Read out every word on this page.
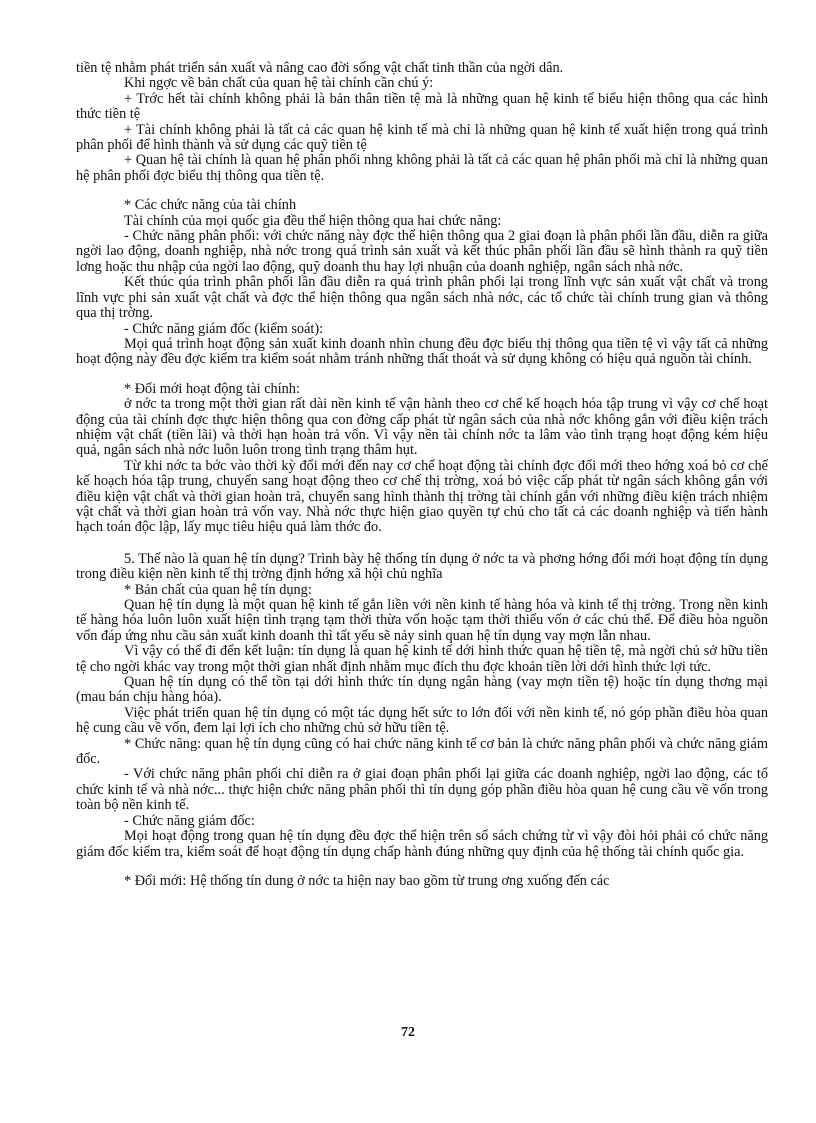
tiền tệ nhằm phát triển sản xuất và nâng cao đời sống vật chất tinh thần của ngời dân.

Khi ngợc về bản chất của quan hệ tài chính cần chú ý:

+ Trớc hết tài chính không phải là bản thân tiền tệ mà là những quan hệ kinh tế biểu hiện thông qua các hình thức tiền tệ

+ Tài chính không phải là tất cả các quan hệ kinh tế mà chỉ là những quan hệ kinh tế xuất hiện trong quá trình phân phối để hình thành và sử dụng các quỹ tiền tệ

+ Quan hệ tài chính là quan hệ phân phối nhng không phải là tất cả các quan hệ phân phối mà chỉ là những quan hệ phân phối đợc biểu thị thông qua tiền tệ.

* Các chức năng của tài chính

Tài chính của mọi quốc gia đều thể hiện thông qua hai chức năng:

- Chức năng phân phối: với chức năng này đợc thể hiện thông qua 2 giai đoạn là phân phối lần đầu, diễn ra giữa ngời lao động, doanh nghiệp, nhà nớc trong quá trình sản xuất và kết thúc phân phối lần đầu sẽ hình thành ra quỹ tiền lơng hoặc thu nhập của ngời lao động, quỹ doanh thu hay lợi nhuận của doanh nghiệp, ngân sách nhà nớc.

Kết thúc qúa trình phân phối lần đầu diễn ra quá trình phân phối lại trong lĩnh vực sản xuất vật chất và trong lĩnh vực phi sản xuất vật chất và đợc thể hiện thông qua ngân sách nhà nớc, các tổ chức tài chính trung gian và thông qua thị trờng.

- Chức năng giám đốc (kiểm soát):

Mọi quá trình hoạt động sản xuất kinh doanh nhìn chung đều đợc biểu thị thông qua tiền tệ vì vậy tất cả những hoạt động này đều đợc kiểm tra kiểm soát nhằm tránh những thất thoát và sử dụng không có hiệu quả nguồn tài chính.

* Đổi mới hoạt động tài chính:

ở nớc ta trong một thời gian rất dài nền kinh tế vận hành theo cơ chế kế hoạch hóa tập trung vì vậy cơ chế hoạt động của tài chính đợc thực hiện thông qua con đờng cấp phát từ ngân sách của nhà nớc không gắn với điều kiện trách nhiệm vật chất (tiền lãi) và thời hạn hoàn trả vốn. Vì vậy nền tài chính nớc ta lâm vào tình trạng hoạt động kém hiệu quả, ngân sách nhà nớc luôn luôn trong tình trạng thâm hụt.

Từ khi nớc ta bớc vào thời kỳ đổi mới đến nay cơ chế hoạt động tài chính đợc đổi mới theo hớng xoá bỏ cơ chế kế hoạch hóa tập trung, chuyển sang hoạt động theo cơ chế thị trờng, xoá bỏ việc cấp phát từ ngân sách không gắn với điều kiện vật chất và thời gian hoàn trả, chuyển sang hình thành thị trờng tài chính gắn với những điều kiện trách nhiệm vật chất và thời gian hoàn trả vốn vay. Nhà nớc thực hiện giao quyền tự chủ cho tất cả các doanh nghiệp và tiến hành hạch toán độc lập, lấy mục tiêu hiệu quả làm thớc đo.

5. Thế nào là quan hệ tín dụng? Trình bày hệ thống tín dụng ở nớc ta và phơng hớng đổi mới hoạt động tín dụng trong điều kiện nền kinh tế thị trờng định hớng xã hội chủ nghĩa

* Bản chất của quan hệ tín dụng:

Quan hệ tín dụng là một quan hệ kinh tế gắn liền với nền kinh tế hàng hóa và kinh tế thị trờng. Trong nền kinh tế hàng hóa luôn luôn xuất hiện tình trạng tạm thời thừa vốn hoặc tạm thời thiếu vốn ở các chủ thể. Để điều hòa nguồn vốn đáp ứng nhu cầu sản xuất kinh doanh thì tất yếu sẽ nảy sinh quan hệ tín dụng vay mợn lẫn nhau.

Vì vậy có thể đi đến kết luận: tín dụng là quan hệ kinh tế dới hình thức quan hệ tiền tệ, mà ngời chủ sở hữu tiền tệ cho ngời khác vay trong một thời gian nhất định nhằm mục đích thu đợc khoản tiền lời dới hình thức lợi tức.

Quan hệ tín dụng có thể tồn tại dới hình thức tín dụng ngân hàng (vay mợn tiền tệ) hoặc tín dụng thơng mại (mau bán chịu hàng hóa).

Việc phát triển quan hệ tín dụng có một tác dụng hết sức to lớn đối với nền kinh tế, nó góp phần điều hòa quan hệ cung cầu về vốn, đem lại lợi ích cho những chủ sở hữu tiền tệ.

* Chức năng: quan hệ tín dụng cũng có hai chức năng kinh tế cơ bản là chức năng phân phối và chức năng giám đốc.

- Với chức năng phân phối chỉ diễn ra ở giai đoạn phân phối lại giữa các doanh nghiệp, ngời lao động, các tổ chức kinh tế và nhà nớc... thực hiện chức năng phân phối thì tín dụng góp phần điều hòa quan hệ cung cầu về vốn trong toàn bộ nền kinh tế.

- Chức năng giám đốc:

Mọi hoạt động trong quan hệ tín dụng đều đợc thể hiện trên sổ sách chứng từ vì vậy đòi hỏi phải có chức năng giám đốc kiểm tra, kiểm soát để hoạt động tín dụng chấp hành đúng những quy định của hệ thống tài chính quốc gia.

* Đổi mới: Hệ thống tín dung ở nớc ta hiện nay bao gồm từ trung ơng xuống đến các

72
